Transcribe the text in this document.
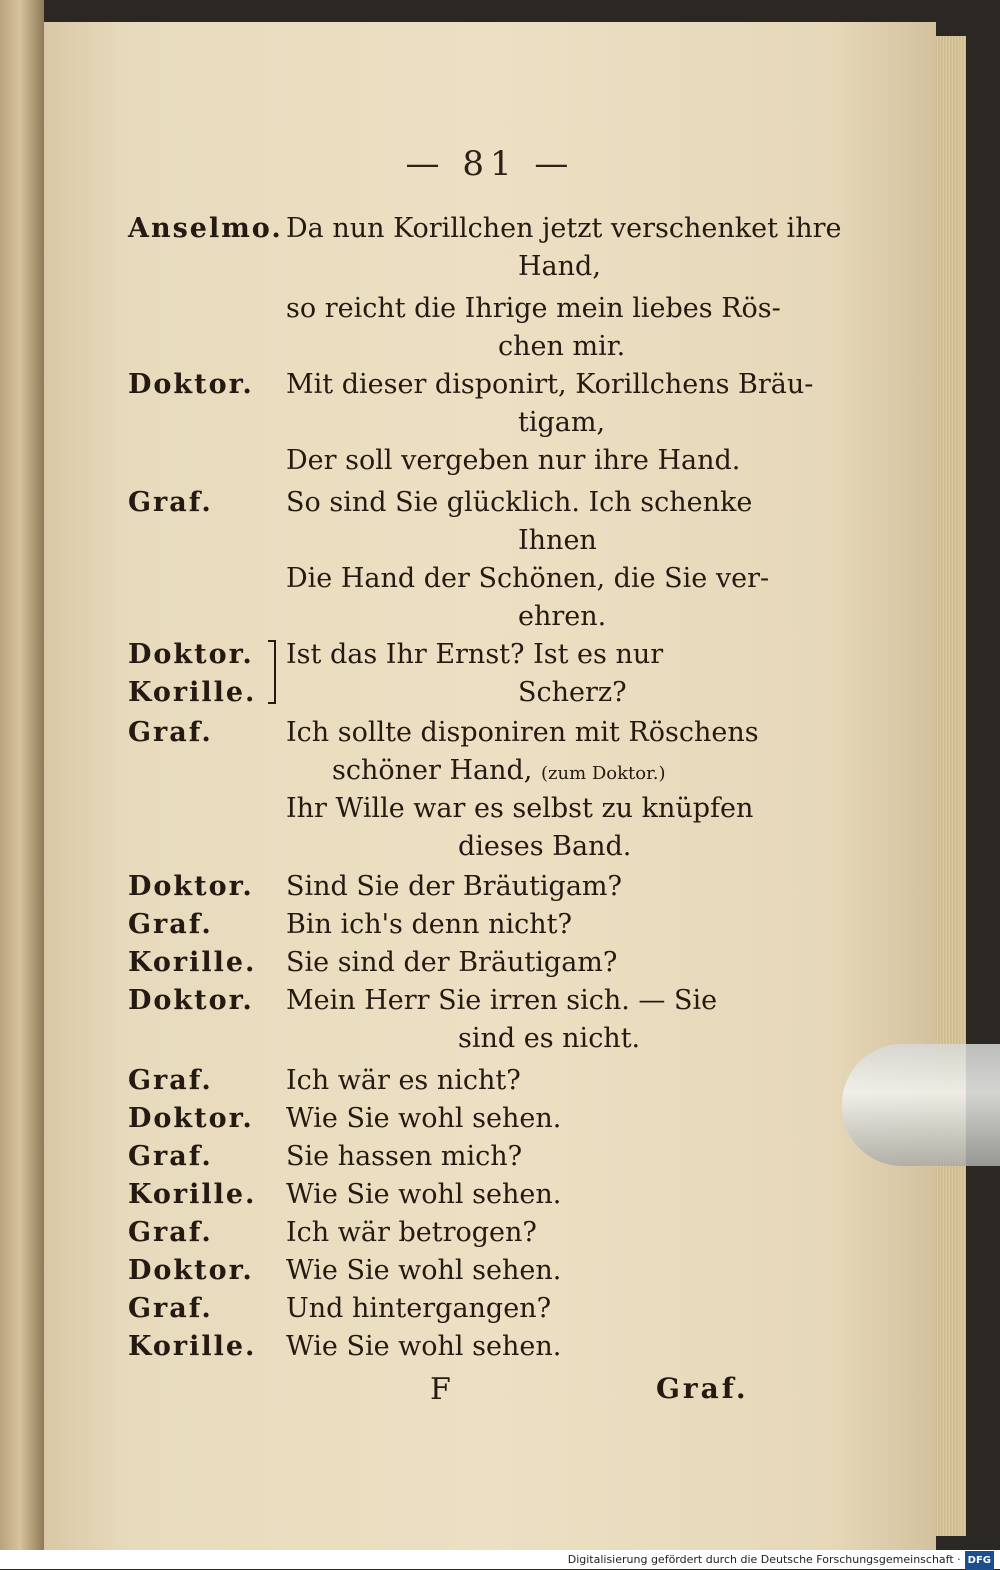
— 81 —
Anselmo. Da nun Korillchen jetzt verschenket ihre
Hand,
so reicht die Ihrige mein liebes Rös-
chen mir.
Doktor.	Mit dieser disponirt, Korillchens Bräu-
tigam,
Der soll vergeben nur ihre Hand.
Graf.	So sind Sie glücklich. Ich schenke
Ihnen
Die Hand der Schönen, die Sie ver-
ehren.
Doktor.	Ist das Ihr Ernst? Ist es nur
Korille.	Scherz?
Graf.	Ich sollte disponiren mit Röschens
schöner Hand, (zum Doktor.)
Ihr Wille war es selbst zu knüpfen
dieses Band.
Doktor.	Sind Sie der Bräutigam?
Graf.	Bin ich's denn nicht?
Korille.	Sie sind der Bräutigam?
Doktor.	Mein Herr Sie irren sich. — Sie
sind es nicht.
Graf.	Ich wär es nicht?
Doktor.	Wie Sie wohl sehen.
Graf.	Sie hassen mich?
Korille.	Wie Sie wohl sehen.
Graf.	Ich wär betrogen?
Doktor.	Wie Sie wohl sehen.
Graf.	Und hintergangen?
Korille.	Wie Sie wohl sehen.
F	Graf.
Digitalisierung gefördert durch die Deutsche Forschungsgemeinschaft · DFG
